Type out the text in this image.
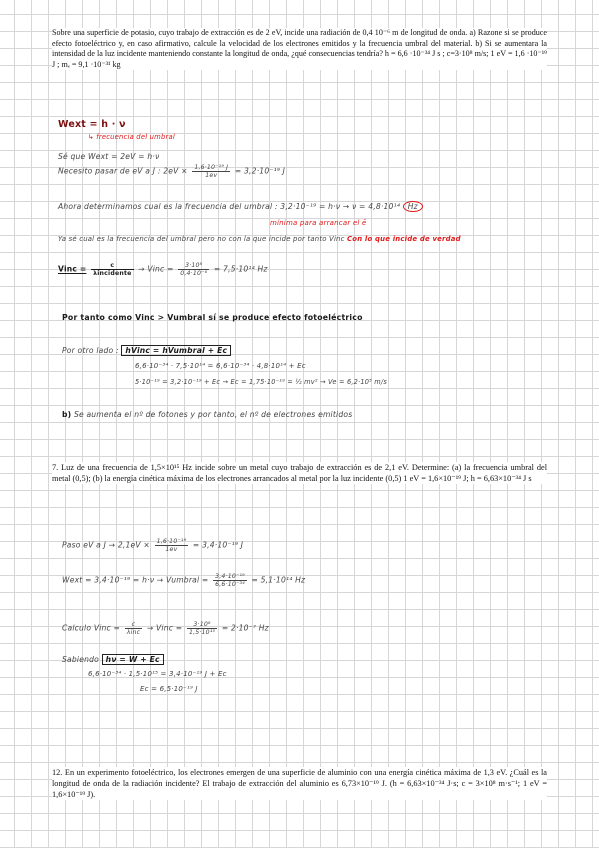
Sobre una superficie de potasio, cuyo trabajo de extracción es de 2 eV, incide una radiación de 0,4 10⁻⁶ m de longitud de onda. a) Razone si se produce efecto fotoeléctrico y, en caso afirmativo, calcule la velocidad de los electrones emitidos y la frecuencia umbral del material. b) Si se aumentara la intensidad de la luz incidente manteniendo constante la longitud de onda, ¿qué consecuencias tendría? h = 6,6 ·10⁻³⁴ J s ; c=3·10⁸ m/s; 1 eV = 1,6 ·10⁻¹⁹ J ; mₑ = 9,1 ·10⁻³¹ kg
Wext = h · ν
↳ frecuencia del umbral
Sé que Wext = 2eV = h·ν
Necesito pasar de eV a J : $2eV \times \frac{\text{1,6·10⁻¹⁹ J}}{1ev} = 3,2\cdot 10^{-19}$ J
Ahora determinamos cual es la frecuencia del umbral : 3,2·10⁻¹⁹ = h·ν → ν = 4,8·10¹⁴ Hz
mínima para arrancar el ē
Ya sé cual es la frecuencia del umbral pero no con la que incide por tanto Vinc Con lo que incide de verdad
Vinc = $\frac{c}{\text{λincidente}}$ → Vinc = $\frac{\text{3·10⁸}}{\text{0,4·10⁻⁶}} = 7,5\cdot 10^{14}$ Hz
Por tanto como Vinc > Vumbral sí se produce efecto fotoeléctrico
Por otro lado : hVinc = hVumbral + Ec
6,6·10⁻³⁴ · 7,5·10¹⁴ = 6,6·10⁻³⁴ · 4,8·10¹⁴ + Ec
5·10⁻¹⁹ = 3,2·10⁻¹⁹ + Ec → Ec = 1,75·10⁻¹⁹ = ½ mv² → Ve = 6,2·10⁵ m/s
b) Se aumenta el nº de fotones y por tanto, el nº de electrones emitidos
7. Luz de una frecuencia de 1,5×10¹⁵ Hz incide sobre un metal cuyo trabajo de extracción es de 2,1 eV. Determine: (a) la frecuencia umbral del metal (0,5); (b) la energía cinética máxima de los electrones arrancados al metal por la luz incidente (0,5) 1 eV = 1,6×10⁻¹⁹ J; h = 6,63×10⁻³⁴ J s
Paso eV a $J \to 2,1eV \times \frac{\text{1,6·10⁻¹⁹}}{1ev} = 3,4\cdot 10^{-19}$ J
Wext = 3,4·10⁻¹⁹ = h·ν → Vumbral = $\frac{\text{3,4·10⁻¹⁹}}{\text{6,6·10⁻³⁴}} = 5,1\cdot 10^{14}$ Hz
Calculo Vinc = $\frac{c}{\text{λinc}}$ → Vinc = $\frac{\text{3·10⁸}}{\text{1,5·10¹⁵}} = 2\cdot 10^{-7}$ Hz
Sabiendo hν = W + Ec
6,6·10⁻³⁴ · 1,5·10¹⁵ = 3,4·10⁻¹⁹ J + Ec
Ec = 6,5·10⁻¹⁹ J
12. En un experimento fotoeléctrico, los electrones emergen de una superficie de aluminio con una energía cinética máxima de 1,3 eV. ¿Cuál es la longitud de onda de la radiación incidente? El trabajo de extracción del aluminio es 6,73×10⁻¹⁹ J. (h = 6,63×10⁻³⁴ J·s; c = 3×10⁸ m·s⁻¹; 1 eV = 1,6×10⁻¹⁹ J).
